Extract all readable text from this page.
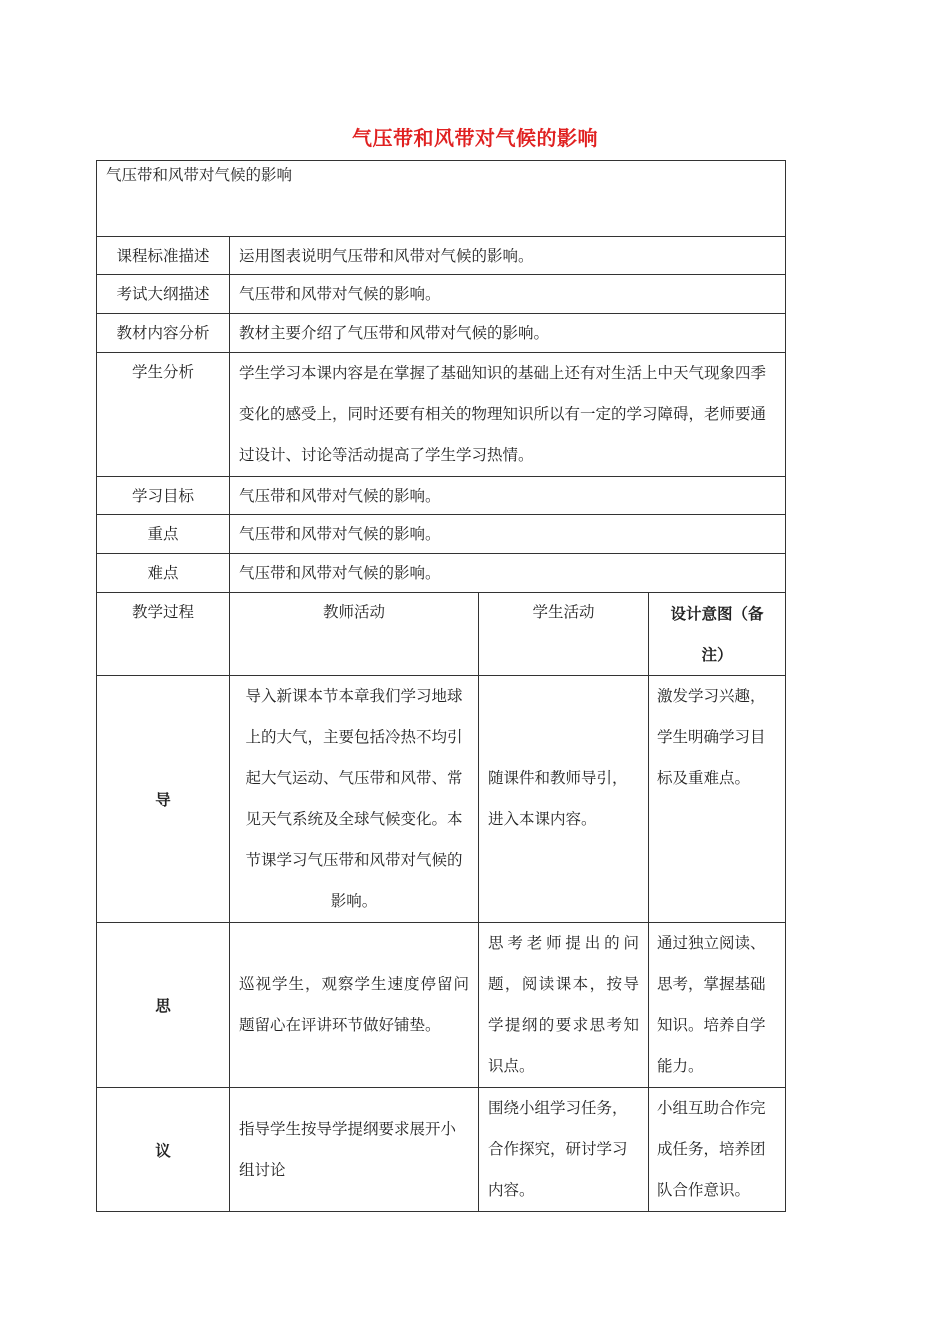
气压带和风带对气候的影响
气压带和风带对气候的影响			

课程标准描述	运用图表说明气压带和风带对气候的影响。		

考试大纲描述	气压带和风带对气候的影响。		

教材内容分析	教材主要介绍了气压带和风带对气候的影响。		

学生分析	学生学习本课内容是在掌握了基础知识的基础上还有对生活上中天气现象四季变化的感受上，同时还要有相关的物理知识所以有一定的学习障碍，老师要通过设计、讨论等活动提高了学生学习热情。		

学习目标	气压带和风带对气候的影响。		

重点	气压带和风带对气候的影响。		

难点	气压带和风带对气候的影响。		

教学过程	教师活动	学生活动	设计意图（备注）

导	导入新课本节本章我们学习地球上的大气，主要包括冷热不均引起大气运动、气压带和风带、常见天气系统及全球气候变化。本节课学习气压带和风带对气候的影响。	随课件和教师导引，进入本课内容。	激发学习兴趣，学生明确学习目标及重难点。

思	巡视学生，观察学生速度停留问题留心在评讲环节做好铺垫。	思考老师提出的问题，阅读课本，按导学提纲的要求思考知识点。	通过独立阅读、思考，掌握基础知识。培养自学能力。

议	指导学生按导学提纲要求展开小组讨论	围绕小组学习任务，合作探究，研讨学习内容。	小组互助合作完成任务，培养团队合作意识。
